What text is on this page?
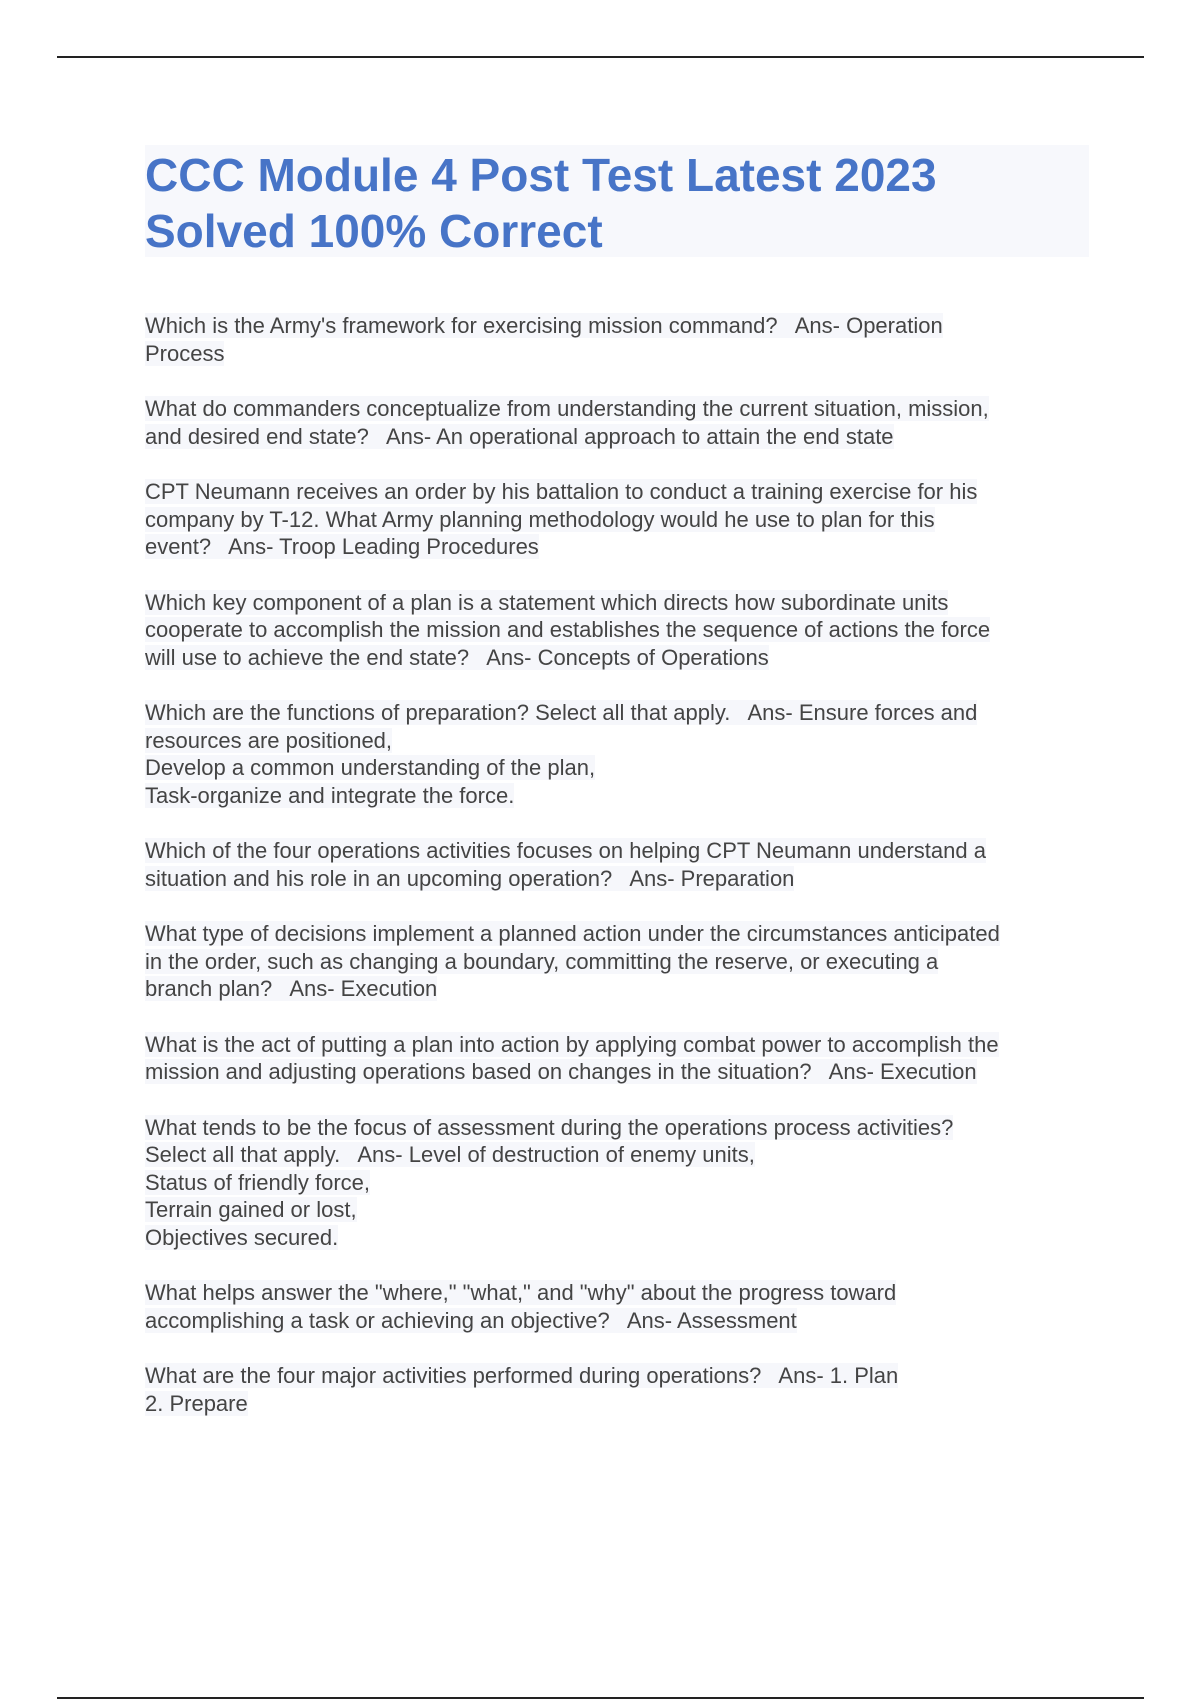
CCC Module 4 Post Test Latest 2023
Solved 100% Correct
Which is the Army's framework for exercising mission command?   Ans- Operation
Process
What do commanders conceptualize from understanding the current situation, mission,
and desired end state?   Ans- An operational approach to attain the end state
CPT Neumann receives an order by his battalion to conduct a training exercise for his
company by T-12. What Army planning methodology would he use to plan for this
event?   Ans- Troop Leading Procedures
Which key component of a plan is a statement which directs how subordinate units
cooperate to accomplish the mission and establishes the sequence of actions the force
will use to achieve the end state?   Ans- Concepts of Operations
Which are the functions of preparation? Select all that apply.   Ans- Ensure forces and
resources are positioned,
Develop a common understanding of the plan,
Task-organize and integrate the force.
Which of the four operations activities focuses on helping CPT Neumann understand a
situation and his role in an upcoming operation?   Ans- Preparation
What type of decisions implement a planned action under the circumstances anticipated
in the order, such as changing a boundary, committing the reserve, or executing a
branch plan?   Ans- Execution
What is the act of putting a plan into action by applying combat power to accomplish the
mission and adjusting operations based on changes in the situation?   Ans- Execution
What tends to be the focus of assessment during the operations process activities?
Select all that apply.   Ans- Level of destruction of enemy units,
Status of friendly force,
Terrain gained or lost,
Objectives secured.
What helps answer the "where," "what," and "why" about the progress toward
accomplishing a task or achieving an objective?   Ans- Assessment
What are the four major activities performed during operations?   Ans- 1. Plan
2. Prepare
